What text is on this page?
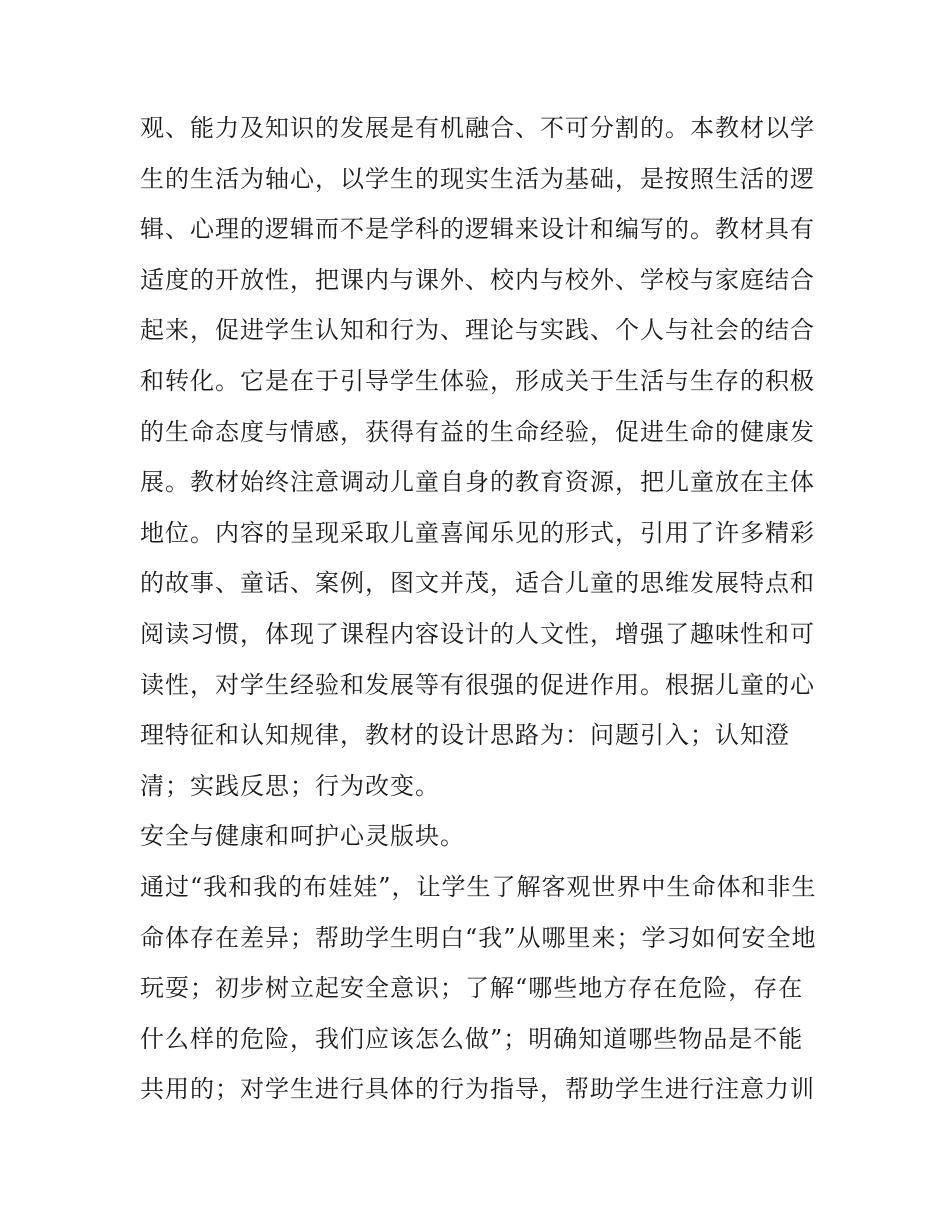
观、能力及知识的发展是有机融合、不可分割的。本教材以学
生的生活为轴心，以学生的现实生活为基础，是按照生活的逻
辑、心理的逻辑而不是学科的逻辑来设计和编写的。教材具有
适度的开放性，把课内与课外、校内与校外、学校与家庭结合
起来，促进学生认知和行为、理论与实践、个人与社会的结合
和转化。它是在于引导学生体验，形成关于生活与生存的积极
的生命态度与情感，获得有益的生命经验，促进生命的健康发
展。教材始终注意调动儿童自身的教育资源，把儿童放在主体
地位。内容的呈现采取儿童喜闻乐见的形式，引用了许多精彩
的故事、童话、案例，图文并茂，适合儿童的思维发展特点和
阅读习惯，体现了课程内容设计的人文性，增强了趣味性和可
读性，对学生经验和发展等有很强的促进作用。根据儿童的心
理特征和认知规律，教材的设计思路为：问题引入；认知澄
清；实践反思；行为改变。
安全与健康和呵护心灵版块。
通过“我和我的布娃娃”，让学生了解客观世界中生命体和非生
命体存在差异；帮助学生明白“我”从哪里来；学习如何安全地
玩耍；初步树立起安全意识；了解“哪些地方存在危险，存在
什么样的危险，我们应该怎么做”；明确知道哪些物品是不能
共用的；对学生进行具体的行为指导，帮助学生进行注意力训
